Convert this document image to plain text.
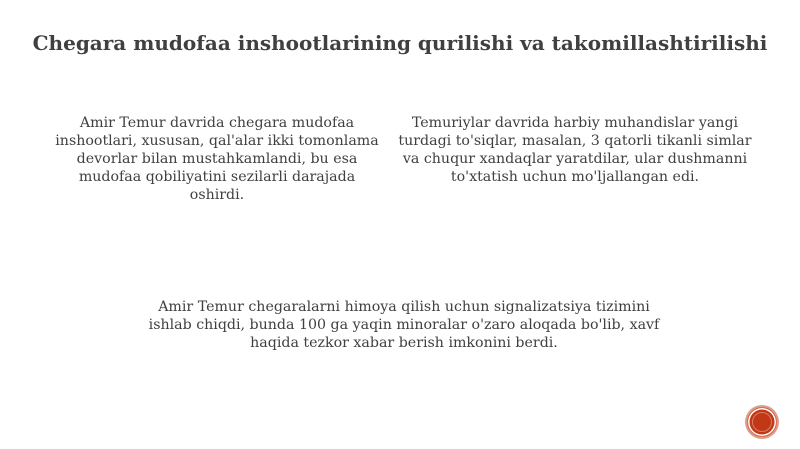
Chegara mudofaa inshootlarining qurilishi va takomillashtirilishi

Amir Temur davrida chegara mudofaa inshootlari, xususan, qal'alar ikki tomonlama devorlar bilan mustahkamlandi, bu esa mudofaa qobiliyatini sezilarli darajada oshirdi.

Temuriylar davrida harbiy muhandislar yangi turdagi to'siqlar, masalan, 3 qatorli tikanli simlar va chuqur xandaqlar yaratdilar, ular dushmanni to'xtatish uchun mo'ljallangan edi.

Amir Temur chegaralarni himoya qilish uchun signalizatsiya tizimini ishlab chiqdi, bunda 100 ga yaqin minoralar o'zaro aloqada bo'lib, xavf haqida tezkor xabar berish imkonini berdi.
